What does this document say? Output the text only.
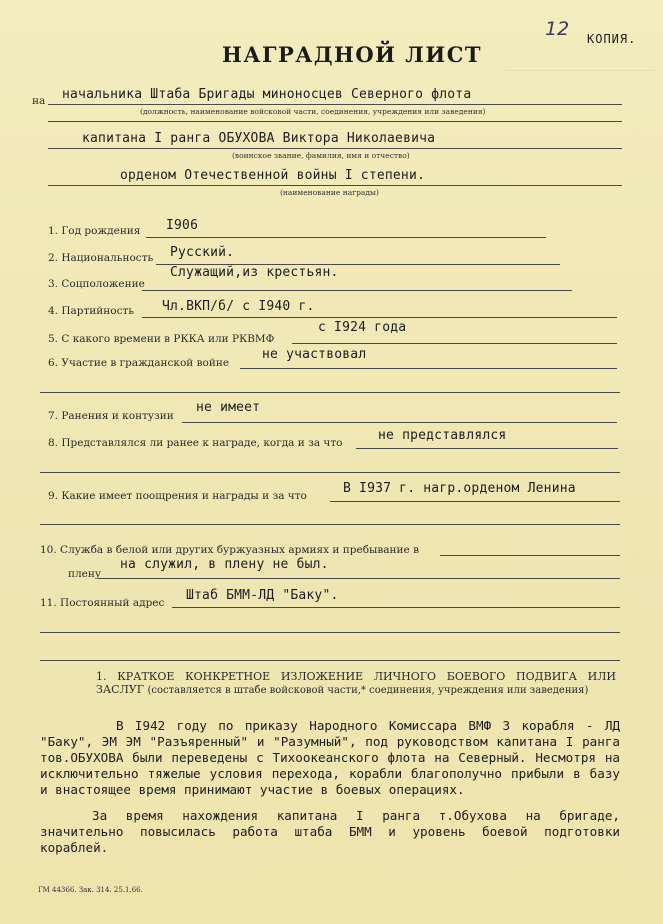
12 КОПИЯ.
НАГРАДНОЙ ЛИСТ
на начальника Штаба Бригады миноносцев Северного флота
(должность, наименование войсковой части, соединения, учреждения или заведения)
капитана I ранга ОБУХОВА Виктора Николаевича
(воинское звание, фамилия, имя и отчество)
орденом Отечественной войны I степени.
(наименование награды)
1. Год рождения I906
2. Национальность Русский.
3. Соцположение
Служащий,из крестьян.
4. Партийность Чл.ВКП/б/ с I940 г.
5. С какого времени в РККА или РКВМФ
с I924 года
6. Участие в гражданской войне
не участвовал
7. Ранения и контузии
не имеет
8. Представлялся ли ранее к награде, когда и за что	не представлялся
9. Какие имеет поощрения и награды и за что	В I937 г. нагр.орденом Ленина
10. Служба в белой или других буржуазных армиях и пребывание в
плену
на служил, в плену не был.
11. Постоянный адрес Штаб БММ-ЛД "Баку".
1. КРАТКОЕ КОНКРЕТНОЕ ИЗЛОЖЕНИЕ ЛИЧНОГО БОЕВОГО ПОДВИГА ИЛИ ЗАСЛУГ (составляется в штабе войсковой части,* соединения, учреждения или заведения)
В I942 году по приказу Народного Комиссара ВМФ 3 корабля - ЛД "Баку", ЭМ ЭМ "Разъяренный" и "Разумный", под руководством капитана I ранга тов.ОБУХОВА были переведены с Тихоокеанского флота на Северный. Несмотря на исключительно тяжелые условия перехода, корабли благополучно прибыли в базу и внастоящее время принимают участие в боевых операциях.
За время нахождения капитана I ранга т.Обухова на бригаде, значительно повысилась работа штаба БММ и уровень боевой подготовки кораблей.
ГМ 44366. Зак. 314. 25.1.66.
